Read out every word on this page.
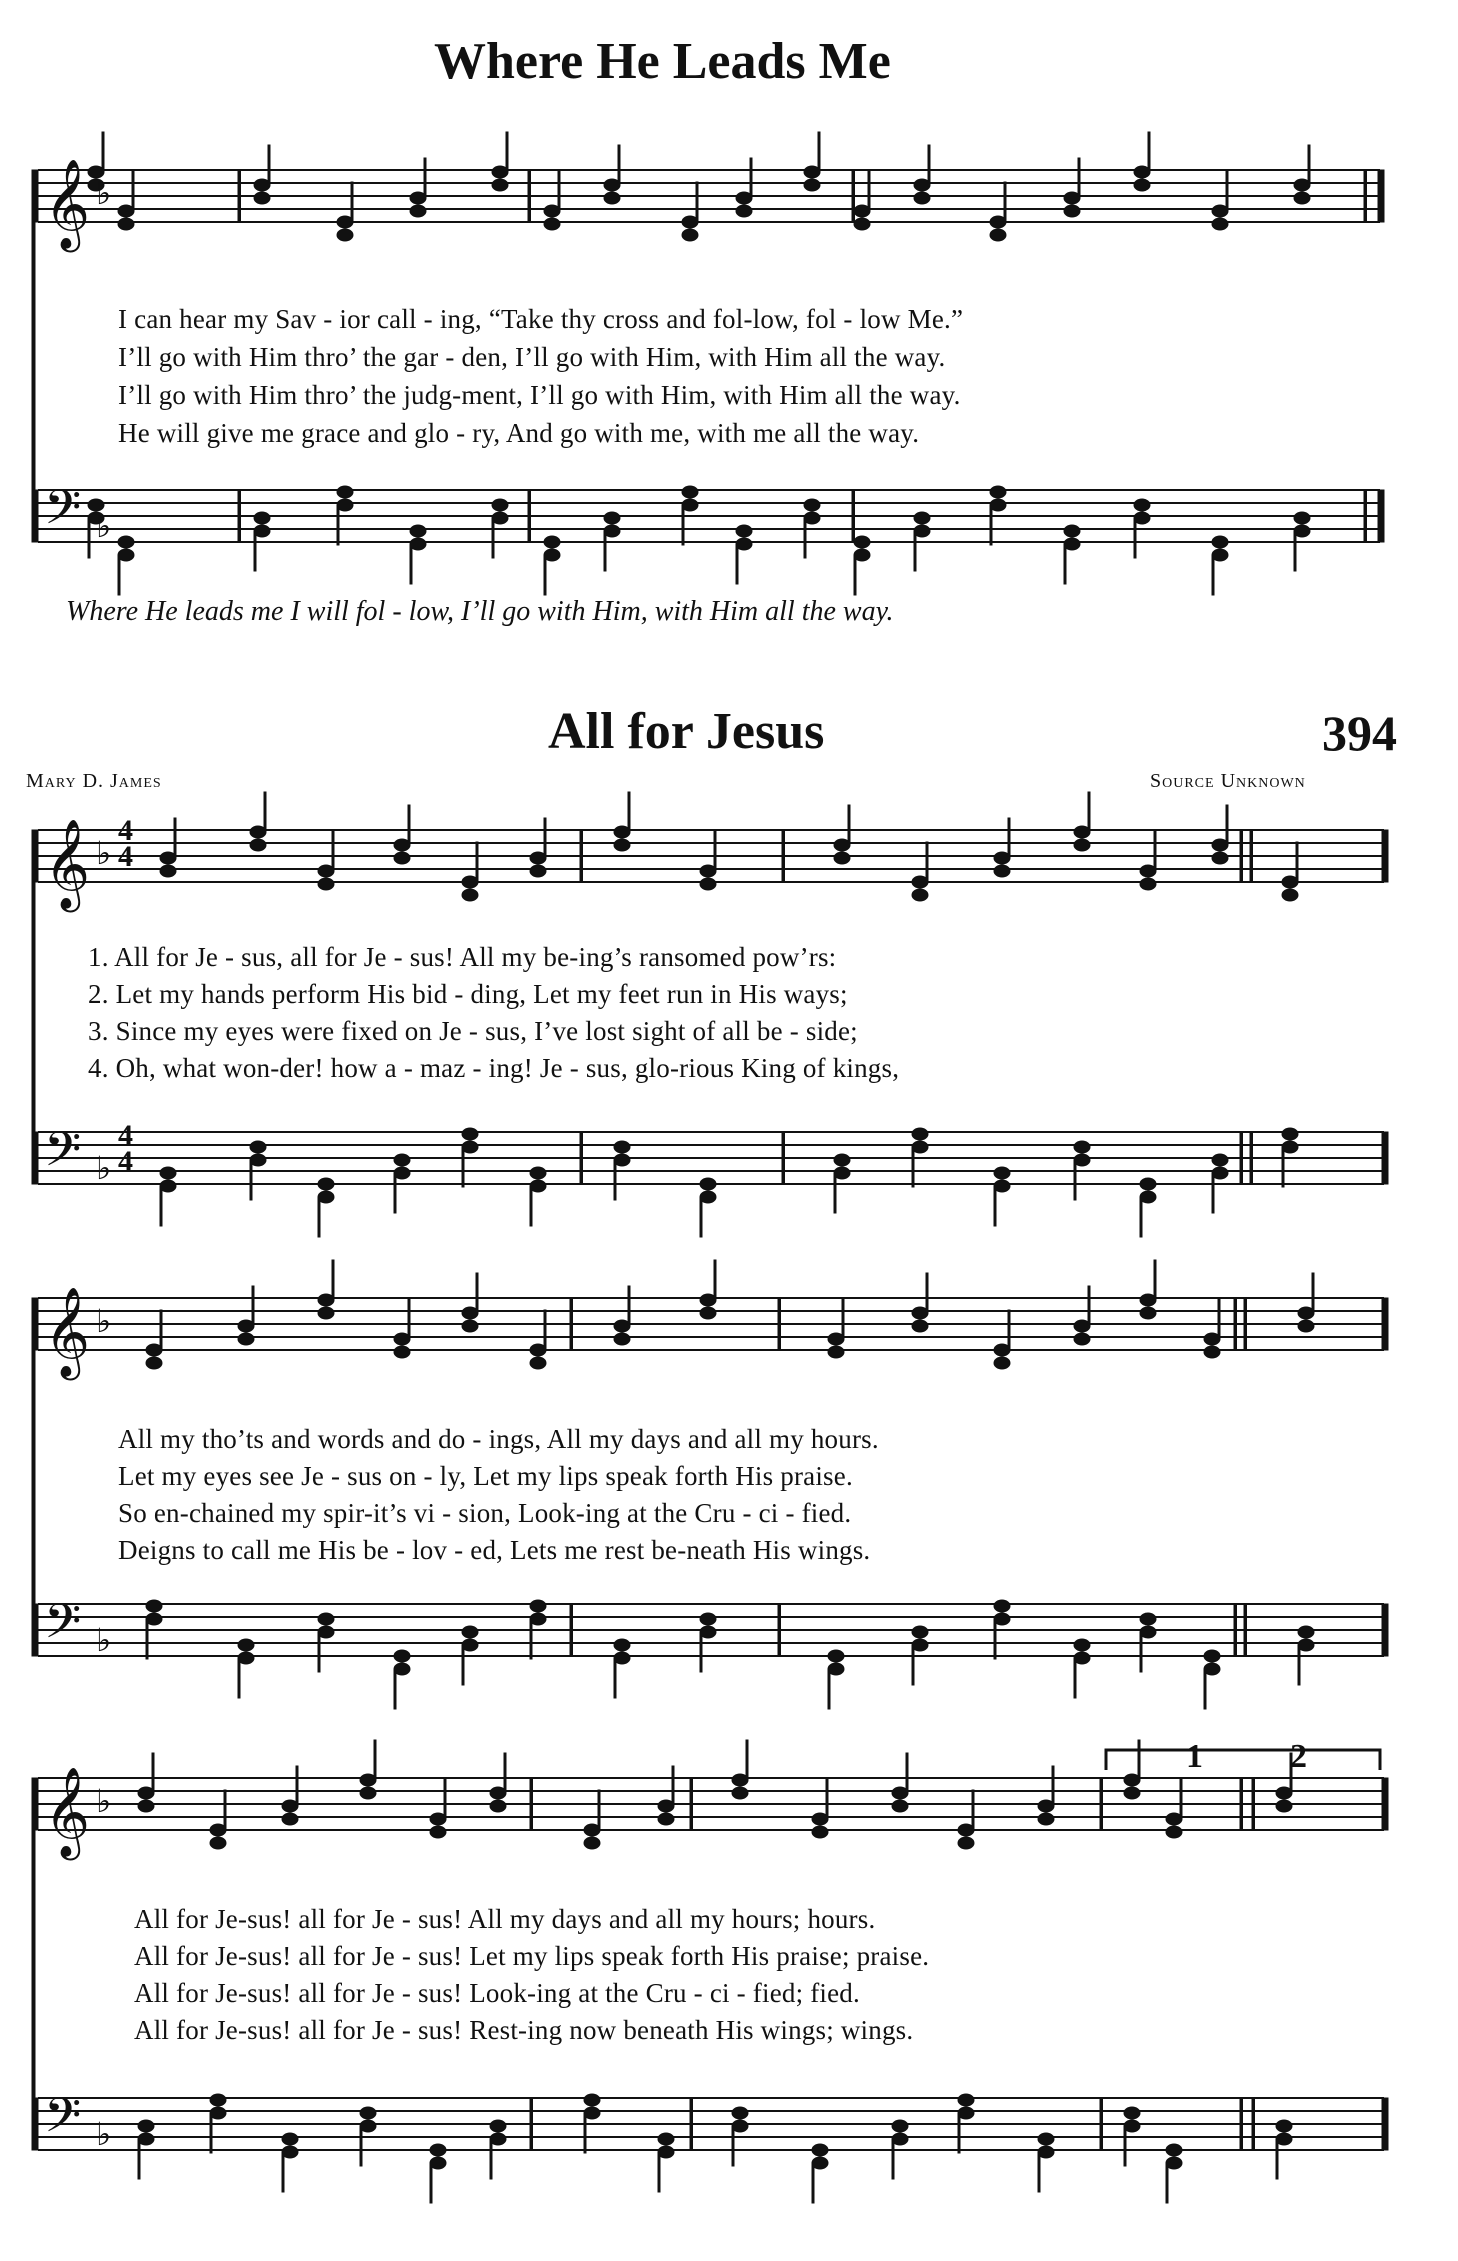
Where He Leads Me
All for Jesus	394
Mary D. James	Source Unknown
𝄞 ♭
𝄢 ♭
𝄞 ♭
𝄢 ♭
𝄞 ♭
𝄢 ♭
𝄞 ♭
𝄢 ♭
1	2
4
4
4
4
I can hear my Sav - ior call - ing, “Take thy cross and fol-low, fol - low Me.”
I’ll go with Him thro’ the gar - den, I’ll go with Him, with Him all the way.
I’ll go with Him thro’ the judg-ment, I’ll go with Him, with Him all the way.
He will give me grace and glo - ry, And go with me, with me all the way.
Where He leads me I will fol - low, I’ll go with Him, with Him all the way.
1. All for Je - sus, all for Je - sus! All my be-ing’s ransomed pow’rs:
2. Let my hands perform His bid - ding, Let my feet run in His ways;
3. Since my eyes were fixed on Je - sus, I’ve lost sight of all be - side;
4. Oh, what won-der! how a - maz - ing! Je - sus, glo-rious King of kings,
All my tho’ts and words and do - ings, All my days and all my hours.
Let my eyes see Je - sus on - ly, Let my lips speak forth His praise.
So en-chained my spir-it’s vi - sion, Look-ing at the Cru - ci - fied.
Deigns to call me His be - lov - ed, Lets me rest be-neath His wings.
All for Je-sus! all for Je - sus! All my days and all my hours; hours.
All for Je-sus! all for Je - sus! Let my lips speak forth His praise; praise.
All for Je-sus! all for Je - sus! Look-ing at the Cru - ci - fied; fied.
All for Je-sus! all for Je - sus! Rest-ing now beneath His wings; wings.
